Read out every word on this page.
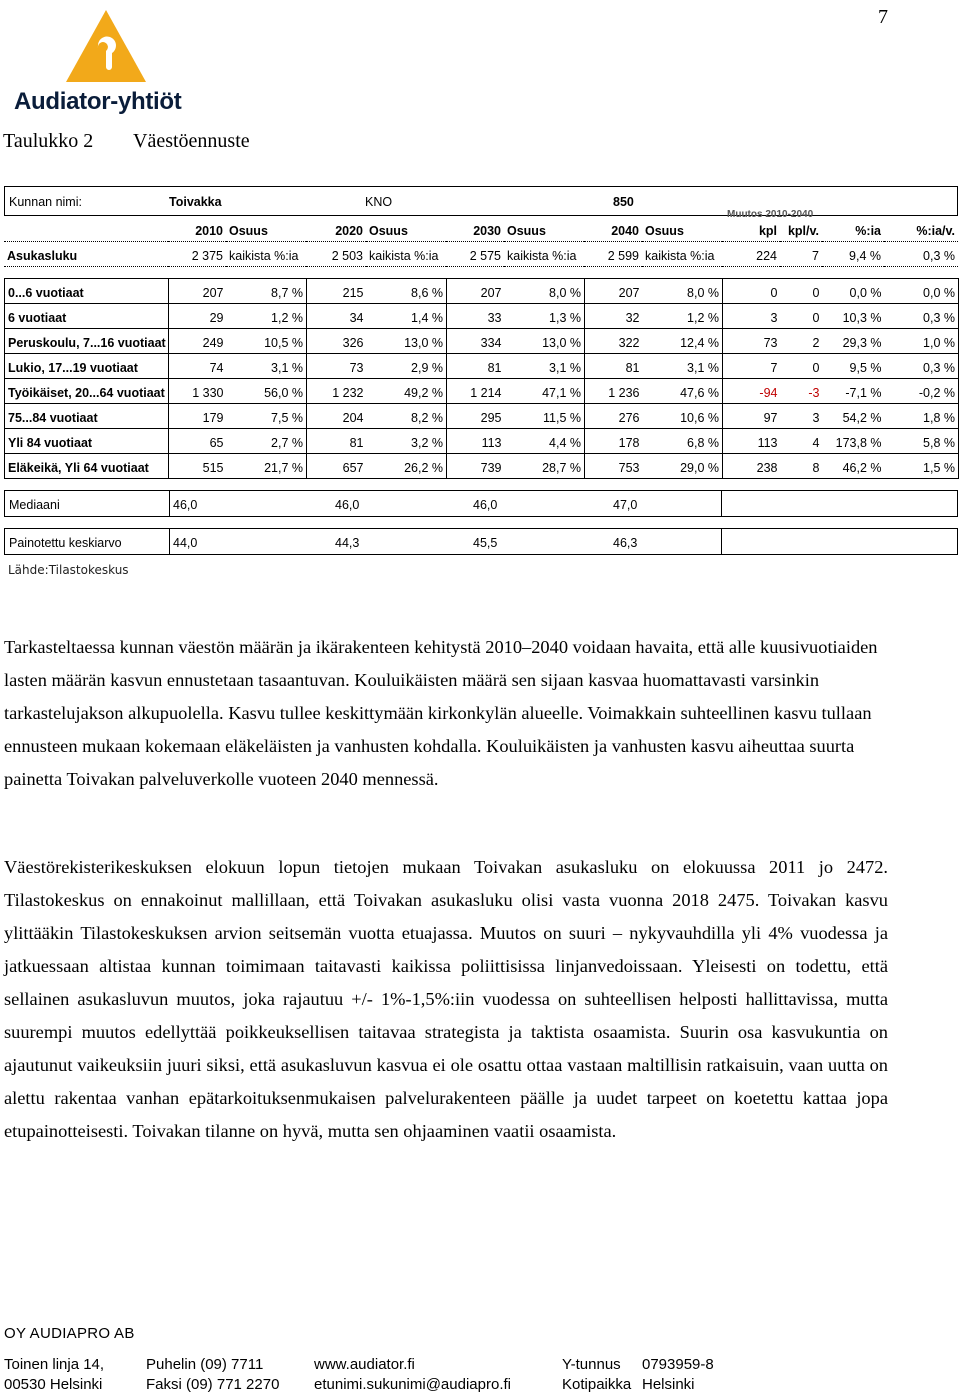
7
Audiator-yhtiöt
Taulukko 2 Väestöennuste
Kunnan nimi:	Toivakka	KNO	850
Muutos 2010-2040
	2010	Osuus	2020	Osuus	2030	Osuus	2040	Osuus	kpl	kpl/v.	%:ia	%:ia/v.
Asukasluku	2 375	kaikista %:ia	2 503	kaikista %:ia	2 575	kaikista %:ia	2 599	kaikista %:ia	224	7	9,4 %	0,3 %
0...6 vuotiaat	207	8,7 %	215	8,6 %	207	8,0 %	207	8,0 %	0	0	0,0 %	0,0 %
6 vuotiaat	29	1,2 %	34	1,4 %	33	1,3 %	32	1,2 %	3	0	10,3 %	0,3 %
Peruskoulu, 7...16 vuotiaat	249	10,5 %	326	13,0 %	334	13,0 %	322	12,4 %	73	2	29,3 %	1,0 %
Lukio, 17...19 vuotiaat	74	3,1 %	73	2,9 %	81	3,1 %	81	3,1 %	7	0	9,5 %	0,3 %
Työikäiset, 20...64 vuotiaat	1 330	56,0 %	1 232	49,2 %	1 214	47,1 %	1 236	47,6 %	-94	-3	-7,1 %	-0,2 %
75...84 vuotiaat	179	7,5 %	204	8,2 %	295	11,5 %	276	10,6 %	97	3	54,2 %	1,8 %
Yli 84 vuotiaat	65	2,7 %	81	3,2 %	113	4,4 %	178	6,8 %	113	4	173,8 %	5,8 %
Eläkeikä, Yli 64 vuotiaat	515	21,7 %	657	26,2 %	739	28,7 %	753	29,0 %	238	8	46,2 %	1,5 %
Mediaani	46,0	46,0	46,0	47,0
Painotettu keskiarvo	44,0	44,3	45,5	46,3
Lähde:Tilastokeskus

Tarkasteltaessa kunnan väestön määrän ja ikärakenteen kehitystä 2010–2040 voidaan havaita, että alle kuusivuotiaiden lasten määrän kasvun ennustetaan tasaantuvan. Kouluikäisten määrä sen sijaan kasvaa huomattavasti varsinkin tarkastelujakson alkupuolella. Kasvu tullee keskittymään kirkonkylän alueelle. Voimakkain suhteellinen kasvu tullaan ennusteen mukaan kokemaan eläkeläisten ja vanhusten kohdalla. Kouluikäisten ja vanhusten kasvu aiheuttaa suurta painetta Toivakan palveluverkolle vuoteen 2040 mennessä.

Väestörekisterikeskuksen elokuun lopun tietojen mukaan Toivakan asukasluku on elokuussa 2011 jo 2472. Tilastokeskus on ennakoinut mallillaan, että Toivakan asukasluku olisi vasta vuonna 2018 2475. Toivakan kasvu ylittääkin Tilastokeskuksen arvion seitsemän vuotta etuajassa. Muutos on suuri – nykyvauhdilla yli 4% vuodessa ja jatkuessaan altistaa kunnan toimimaan taitavasti kaikissa poliittisissa linjanvedoissaan. Yleisesti on todettu, että sellainen asukasluvun muutos, joka rajautuu +/- 1%-1,5%:iin vuodessa on suhteellisen helposti hallittavissa, mutta suurempi muutos edellyttää poikkeuksellisen taitavaa strategista ja taktista osaamista. Suurin osa kasvukuntia on ajautunut vaikeuksiin juuri siksi, että asukasluvun kasvua ei ole osattu ottaa vastaan maltillisin ratkaisuin, vaan uutta on alettu rakentaa vanhan epätarkoituksenmukaisen palvelurakenteen päälle ja uudet tarpeet on koetettu kattaa jopa etupainotteisesti. Toivakan tilanne on hyvä, mutta sen ohjaaminen vaatii osaamista.

OY AUDIAPRO AB
Toinen linja 14,	Puhelin (09) 7711	www.audiator.fi	Y-tunnus 0793959-8
00530 Helsinki	Faksi (09) 771 2270 etunimi.sukunimi@audiapro.fi	Kotipaikka Helsinki
